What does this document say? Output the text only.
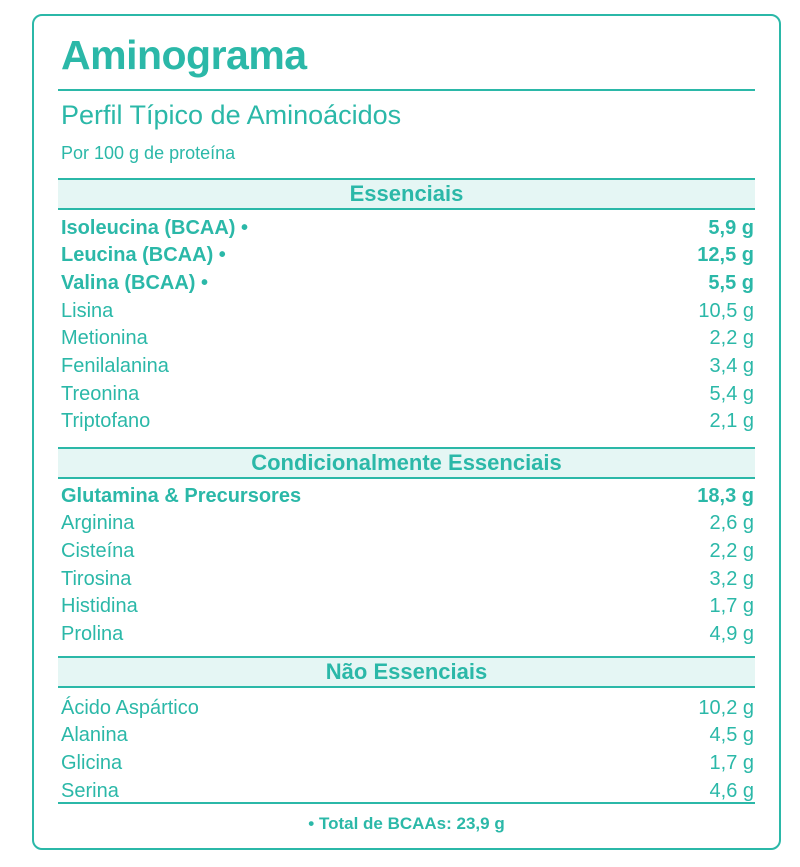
Aminograma
Perfil Típico de Aminoácidos
Por 100 g de proteína
Essenciais
Isoleucina (BCAA) •	5,9 g
Leucina (BCAA) •	12,5 g
Valina (BCAA) •	5,5 g
Lisina	10,5 g
Metionina	2,2 g
Fenilalanina	3,4 g
Treonina	5,4 g
Triptofano	2,1 g
Condicionalmente Essenciais
Glutamina & Precursores	18,3 g
Arginina	2,6 g
Cisteína	2,2 g
Tirosina	3,2 g
Histidina	1,7 g
Prolina	4,9 g
Não Essenciais
Ácido Aspártico	10,2 g
Alanina	4,5 g
Glicina	1,7 g
Serina	4,6 g
• Total de BCAAs: 23,9 g
